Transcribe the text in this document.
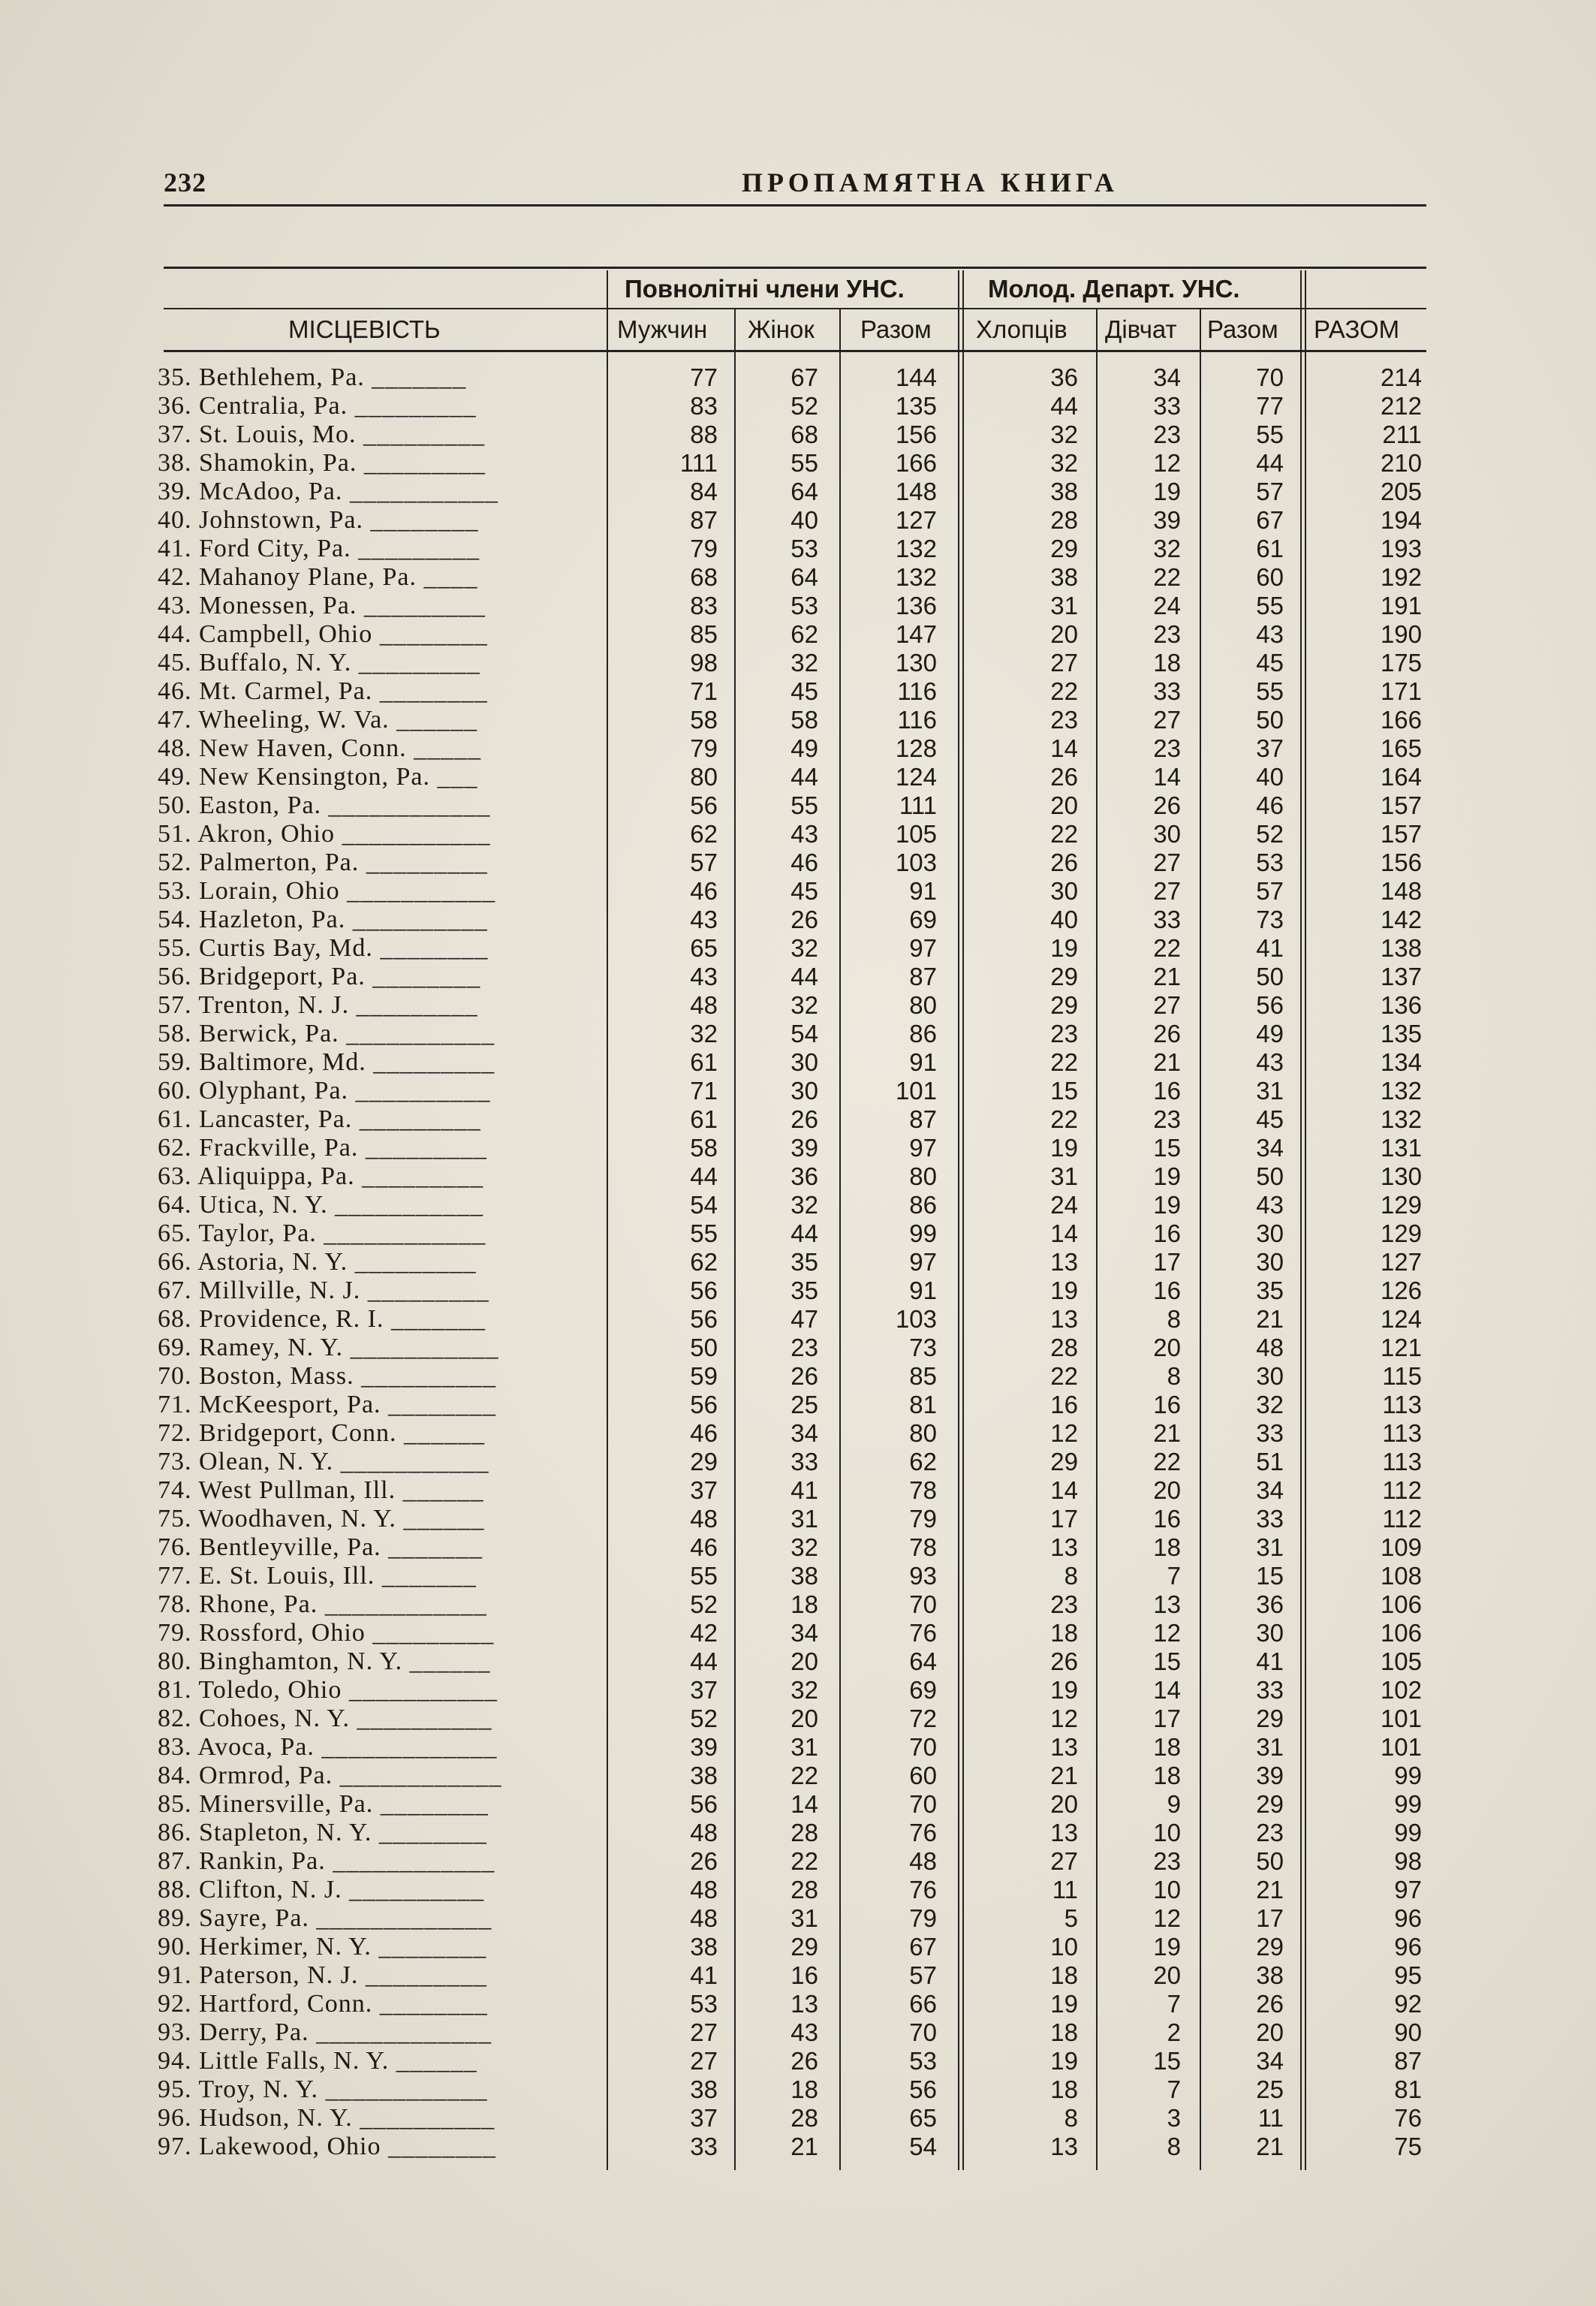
232	ПРОПАМЯТНА КНИГА
Повнолітні члени УНС.	Молод. Департ. УНС.
МІСЦЕВІСТЬ	Мужчин Жінок Разом Хлопців Дівчат Разом РАЗОМ
35. Bethlehem, Pa. _______	77	67	144	36	34	70	214
36. Centralia, Pa. _________	83	52	135	44	33	77	212
37. St. Louis, Mo. _________	88	68	156	32	23	55	211
38. Shamokin, Pa. _________	111	55	166	32	12	44	210
39. McAdoo, Pa. ___________	84	64	148	38	19	57	205
40. Johnstown, Pa. ________	87	40	127	28	39	67	194
41. Ford City, Pa. _________	79	53	132	29	32	61	193
42. Mahanoy Plane, Pa. ____	68	64	132	38	22	60	192
43. Monessen, Pa. _________	83	53	136	31	24	55	191
44. Campbell, Ohio ________	85	62	147	20	23	43	190
45. Buffalo, N. Y. _________	98	32	130	27	18	45	175
46. Mt. Carmel, Pa. ________	71	45	116	22	33	55	171
47. Wheeling, W. Va. ______	58	58	116	23	27	50	166
48. New Haven, Conn. _____	79	49	128	14	23	37	165
49. New Kensington, Pa. ___	80	44	124	26	14	40	164
50. Easton, Pa. ____________	56	55	111	20	26	46	157
51. Akron, Ohio ___________	62	43	105	22	30	52	157
52. Palmerton, Pa. _________	57	46	103	26	27	53	156
53. Lorain, Ohio ___________	46	45	91	30	27	57	148
54. Hazleton, Pa. __________	43	26	69	40	33	73	142
55. Curtis Bay, Md. ________	65	32	97	19	22	41	138
56. Bridgeport, Pa. ________	43	44	87	29	21	50	137
57. Trenton, N. J. _________	48	32	80	29	27	56	136
58. Berwick, Pa. ___________	32	54	86	23	26	49	135
59. Baltimore, Md. _________	61	30	91	22	21	43	134
60. Olyphant, Pa. __________	71	30	101	15	16	31	132
61. Lancaster, Pa. _________	61	26	87	22	23	45	132
62. Frackville, Pa. _________	58	39	97	19	15	34	131
63. Aliquippa, Pa. _________	44	36	80	31	19	50	130
64. Utica, N. Y. ___________	54	32	86	24	19	43	129
65. Taylor, Pa. ____________	55	44	99	14	16	30	129
66. Astoria, N. Y. _________	62	35	97	13	17	30	127
67. Millville, N. J. _________	56	35	91	19	16	35	126
68. Providence, R. I. _______	56	47	103	13	8	21	124
69. Ramey, N. Y. ___________	50	23	73	28	20	48	121
70. Boston, Mass. __________	59	26	85	22	8	30	115
71. McKeesport, Pa. ________	56	25	81	16	16	32	113
72. Bridgeport, Conn. ______	46	34	80	12	21	33	113
73. Olean, N. Y. ___________	29	33	62	29	22	51	113
74. West Pullman, Ill. ______	37	41	78	14	20	34	112
75. Woodhaven, N. Y. ______	48	31	79	17	16	33	112
76. Bentleyville, Pa. _______	46	32	78	13	18	31	109
77. E. St. Louis, Ill. _______	55	38	93	8	7	15	108
78. Rhone, Pa. ____________	52	18	70	23	13	36	106
79. Rossford, Ohio _________	42	34	76	18	12	30	106
80. Binghamton, N. Y. ______	44	20	64	26	15	41	105
81. Toledo, Ohio ___________	37	32	69	19	14	33	102
82. Cohoes, N. Y. __________	52	20	72	12	17	29	101
83. Avoca, Pa. _____________	39	31	70	13	18	31	101
84. Ormrod, Pa. ____________	38	22	60	21	18	39	99
85. Minersville, Pa. ________	56	14	70	20	9	29	99
86. Stapleton, N. Y. ________	48	28	76	13	10	23	99
87. Rankin, Pa. ____________	26	22	48	27	23	50	98
88. Clifton, N. J. __________	48	28	76	11	10	21	97
89. Sayre, Pa. _____________	48	31	79	5	12	17	96
90. Herkimer, N. Y. ________	38	29	67	10	19	29	96
91. Paterson, N. J. _________	41	16	57	18	20	38	95
92. Hartford, Conn. ________	53	13	66	19	7	26	92
93. Derry, Pa. _____________	27	43	70	18	2	20	90
94. Little Falls, N. Y. ______	27	26	53	19	15	34	87
95. Troy, N. Y. ____________	38	18	56	18	7	25	81
96. Hudson, N. Y. __________	37	28	65	8	3	11	76
97. Lakewood, Ohio ________	33	21	54	13	8	21	75
